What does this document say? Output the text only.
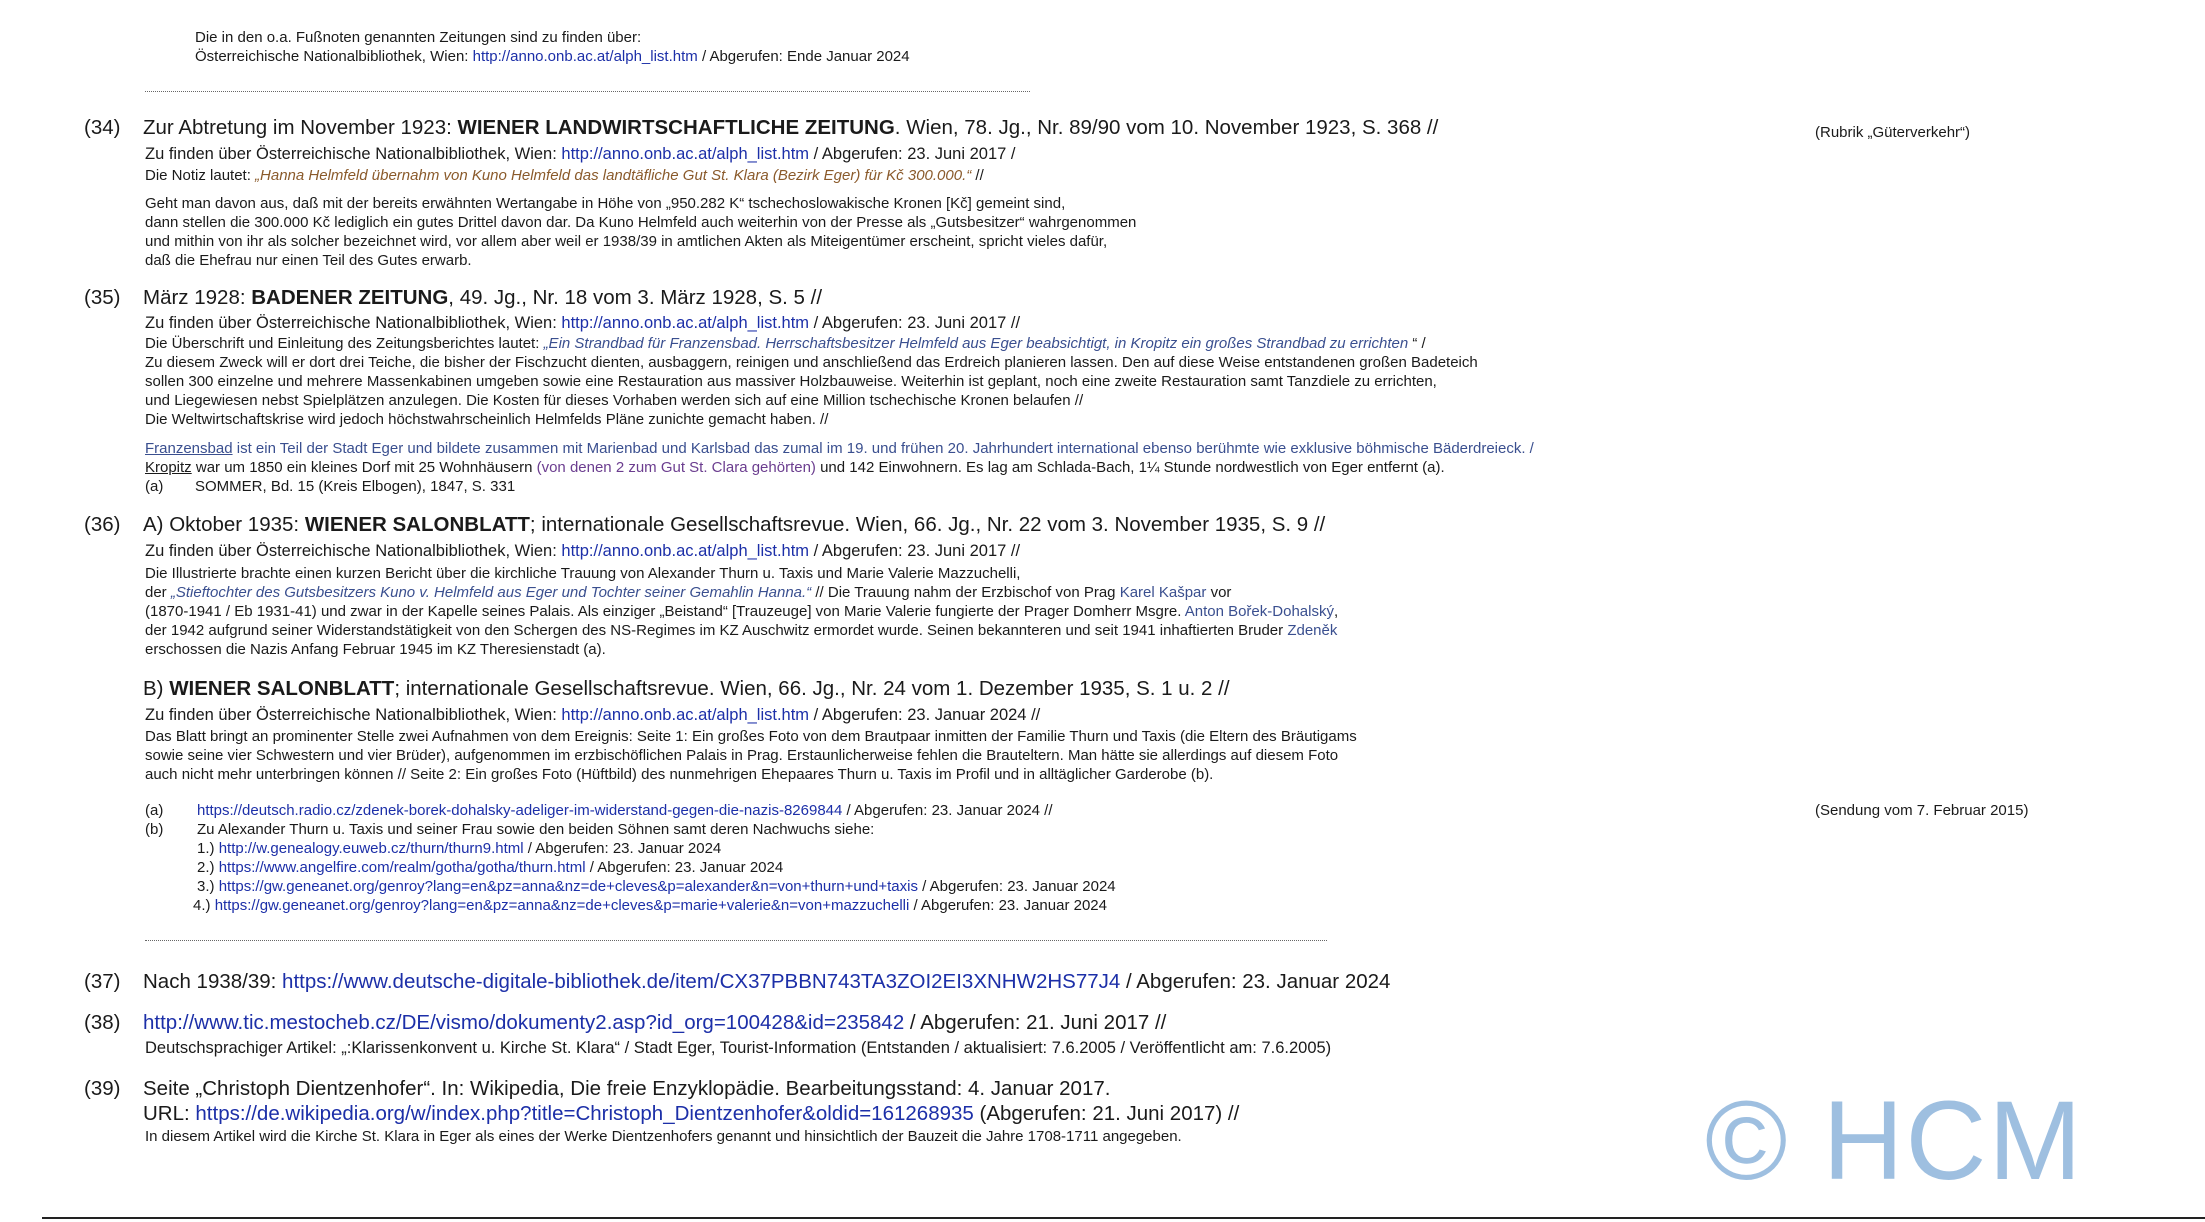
Die in den o.a. Fußnoten genannten Zeitungen sind zu finden über:
Österreichische Nationalbibliothek, Wien: http://anno.onb.ac.at/alph_list.htm / Abgerufen: Ende Januar 2024
(34) Zur Abtretung im November 1923: WIENER LANDWIRTSCHAFTLICHE ZEITUNG. Wien, 78. Jg., Nr. 89/90 vom 10. November 1923, S. 368 //	(Rubrik „Güterverkehr“)
Zu finden über Österreichische Nationalbibliothek, Wien: http://anno.onb.ac.at/alph_list.htm / Abgerufen: 23. Juni 2017 /
Die Notiz lautet: „Hanna Helmfeld übernahm von Kuno Helmfeld das landtäfliche Gut St. Klara (Bezirk Eger) für Kč 300.000.“ //
Geht man davon aus, daß mit der bereits erwähnten Wertangabe in Höhe von „950.282 K“ tschechoslowakische Kronen [Kč] gemeint sind,
dann stellen die 300.000 Kč lediglich ein gutes Drittel davon dar. Da Kuno Helmfeld auch weiterhin von der Presse als „Gutsbesitzer“ wahrgenommen
und mithin von ihr als solcher bezeichnet wird, vor allem aber weil er 1938/39 in amtlichen Akten als Miteigentümer erscheint, spricht vieles dafür,
daß die Ehefrau nur einen Teil des Gutes erwarb.
(35) März 1928: BADENER ZEITUNG, 49. Jg., Nr. 18 vom 3. März 1928, S. 5 //
Zu finden über Österreichische Nationalbibliothek, Wien: http://anno.onb.ac.at/alph_list.htm / Abgerufen: 23. Juni 2017 //
Die Überschrift und Einleitung des Zeitungsberichtes lautet: „Ein Strandbad für Franzensbad. Herrschaftsbesitzer Helmfeld aus Eger beabsichtigt, in Kropitz ein großes Strandbad zu errichten “ /
Zu diesem Zweck will er dort drei Teiche, die bisher der Fischzucht dienten, ausbaggern, reinigen und anschließend das Erdreich planieren lassen. Den auf diese Weise entstandenen großen Badeteich
sollen 300 einzelne und mehrere Massenkabinen umgeben sowie eine Restauration aus massiver Holzbauweise. Weiterhin ist geplant, noch eine zweite Restauration samt Tanzdiele zu errichten,
und Liegewiesen nebst Spielplätzen anzulegen. Die Kosten für dieses Vorhaben werden sich auf eine Million tschechische Kronen belaufen //
Die Weltwirtschaftskrise wird jedoch höchstwahrscheinlich Helmfelds Pläne zunichte gemacht haben. //
Franzensbad ist ein Teil der Stadt Eger und bildete zusammen mit Marienbad und Karlsbad das zumal im 19. und frühen 20. Jahrhundert international ebenso berühmte wie exklusive böhmische Bäderdreieck. /
Kropitz war um 1850 ein kleines Dorf mit 25 Wohnhäusern (von denen 2 zum Gut St. Clara gehörten) und 142 Einwohnern. Es lag am Schlada-Bach, 1¼ Stunde nordwestlich von Eger entfernt (a).
(a) SOMMER, Bd. 15 (Kreis Elbogen), 1847, S. 331
(36) A) Oktober 1935: WIENER SALONBLATT; internationale Gesellschaftsrevue. Wien, 66. Jg., Nr. 22 vom 3. November 1935, S. 9 //
Zu finden über Österreichische Nationalbibliothek, Wien: http://anno.onb.ac.at/alph_list.htm / Abgerufen: 23. Juni 2017 //
Die Illustrierte brachte einen kurzen Bericht über die kirchliche Trauung von Alexander Thurn u. Taxis und Marie Valerie Mazzuchelli,
der „Stieftochter des Gutsbesitzers Kuno v. Helmfeld aus Eger und Tochter seiner Gemahlin Hanna.“ // Die Trauung nahm der Erzbischof von Prag Karel Kašpar vor
(1870-1941 / Eb 1931-41) und zwar in der Kapelle seines Palais. Als einziger „Beistand“ [Trauzeuge] von Marie Valerie fungierte der Prager Domherr Msgre. Anton Bořek-Dohalský,
der 1942 aufgrund seiner Widerstandstätigkeit von den Schergen des NS-Regimes im KZ Auschwitz ermordet wurde. Seinen bekannteren und seit 1941 inhaftierten Bruder Zdeněk
erschossen die Nazis Anfang Februar 1945 im KZ Theresienstadt (a).
B) WIENER SALONBLATT; internationale Gesellschaftsrevue. Wien, 66. Jg., Nr. 24 vom 1. Dezember 1935, S. 1 u. 2 //
Zu finden über Österreichische Nationalbibliothek, Wien: http://anno.onb.ac.at/alph_list.htm / Abgerufen: 23. Januar 2024 //
Das Blatt bringt an prominenter Stelle zwei Aufnahmen von dem Ereignis: Seite 1: Ein großes Foto von dem Brautpaar inmitten der Familie Thurn und Taxis (die Eltern des Bräutigams
sowie seine vier Schwestern und vier Brüder), aufgenommen im erzbischöflichen Palais in Prag. Erstaunlicherweise fehlen die Brauteltern. Man hätte sie allerdings auf diesem Foto
auch nicht mehr unterbringen können // Seite 2: Ein großes Foto (Hüftbild) des nunmehrigen Ehepaares Thurn u. Taxis im Profil und in alltäglicher Garderobe (b).
(a) https://deutsch.radio.cz/zdenek-borek-dohalsky-adeliger-im-widerstand-gegen-die-nazis-8269844 / Abgerufen: 23. Januar 2024 //	(Sendung vom 7. Februar 2015)
(b) Zu Alexander Thurn u. Taxis und seiner Frau sowie den beiden Söhnen samt deren Nachwuchs siehe:
1.) http://w.genealogy.euweb.cz/thurn/thurn9.html / Abgerufen: 23. Januar 2024
2.) https://www.angelfire.com/realm/gotha/gotha/thurn.html / Abgerufen: 23. Januar 2024
3.) https://gw.geneanet.org/genroy?lang=en&pz=anna&nz=de+cleves&p=alexander&n=von+thurn+und+taxis / Abgerufen: 23. Januar 2024
4.) https://gw.geneanet.org/genroy?lang=en&pz=anna&nz=de+cleves&p=marie+valerie&n=von+mazzuchelli / Abgerufen: 23. Januar 2024
(37) Nach 1938/39: https://www.deutsche-digitale-bibliothek.de/item/CX37PBBN743TA3ZOI2EI3XNHW2HS77J4 / Abgerufen: 23. Januar 2024
(38) http://www.tic.mestocheb.cz/DE/vismo/dokumenty2.asp?id_org=100428&id=235842 / Abgerufen: 21. Juni 2017 //
Deutschsprachiger Artikel: „:Klarissenkonvent u. Kirche St. Klara“ / Stadt Eger, Tourist-Information (Entstanden / aktualisiert: 7.6.2005 / Veröffentlicht am: 7.6.2005)
(39) Seite „Christoph Dientzenhofer“. In: Wikipedia, Die freie Enzyklopädie. Bearbeitungsstand: 4. Januar 2017.
URL: https://de.wikipedia.org/w/index.php?title=Christoph_Dientzenhofer&oldid=161268935 (Abgerufen: 21. Juni 2017) //
In diesem Artikel wird die Kirche St. Klara in Eger als eines der Werke Dientzenhofers genannt und hinsichtlich der Bauzeit die Jahre 1708-1711 angegeben.	© HCM
